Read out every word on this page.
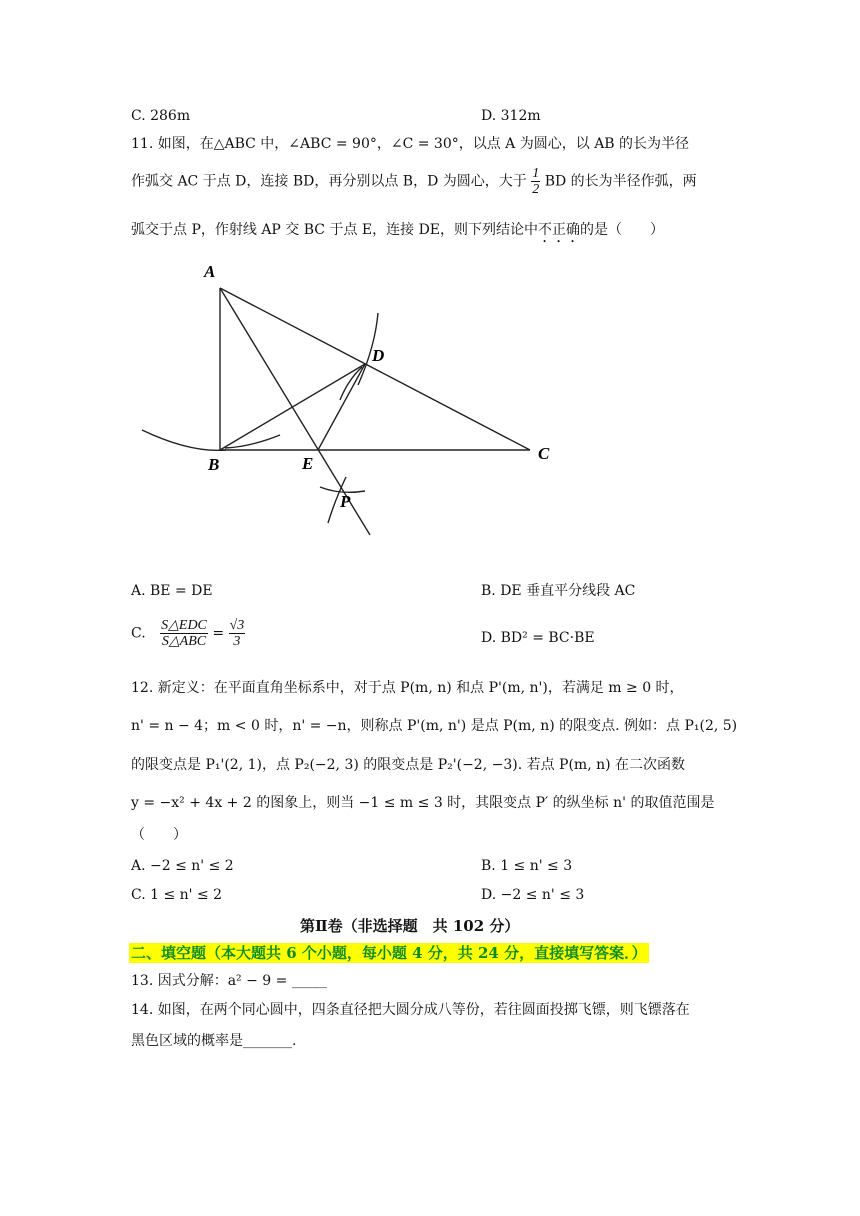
C. 286m	D. 312m
11. 如图，在△ABC 中，∠ABC = 90°，∠C = 30°，以点 A 为圆心，以 AB 的长为半径
作弧交 AC 于点 D，连接 BD，再分别以点 B，D 为圆心，大于 $\frac{1}{2}$ BD 的长为半径作弧，两
弧交于点 P，作射线 AP 交 BC 于点 E，连接 DE，则下列结论中不正确的是（　　）
A
B
C
D
E
P
A. BE = DE	B. DE 垂直平分线段 AC
C. $\frac{\text{S△EDC}}{\text{S△ABC}} = \frac{√3}{3}$	D. BD² = BC·BE
12. 新定义：在平面直角坐标系中，对于点 P(m, n) 和点 P'(m, n')，若满足 m ≥ 0 时，
n' = n − 4；m < 0 时，n' = −n，则称点 P'(m, n') 是点 P(m, n) 的限变点. 例如：点 P₁(2, 5)
的限变点是 P₁'(2, 1)，点 P₂(−2, 3) 的限变点是 P₂'(−2, −3). 若点 P(m, n) 在二次函数
y = −x² + 4x + 2 的图象上，则当 −1 ≤ m ≤ 3 时，其限变点 P′ 的纵坐标 n' 的取值范围是
（　　）
A. −2 ≤ n' ≤ 2	B. 1 ≤ n' ≤ 3
C. 1 ≤ n' ≤ 2	D. −2 ≤ n' ≤ 3
第Ⅱ卷（非选择题　共 102 分）
二、填空题（本大题共 6 个小题，每小题 4 分，共 24 分，直接填写答案．）
13. 因式分解：a² − 9 = _____
14. 如图，在两个同心圆中，四条直径把大圆分成八等份，若往圆面投掷飞镖，则飞镖落在
黑色区域的概率是_______.
